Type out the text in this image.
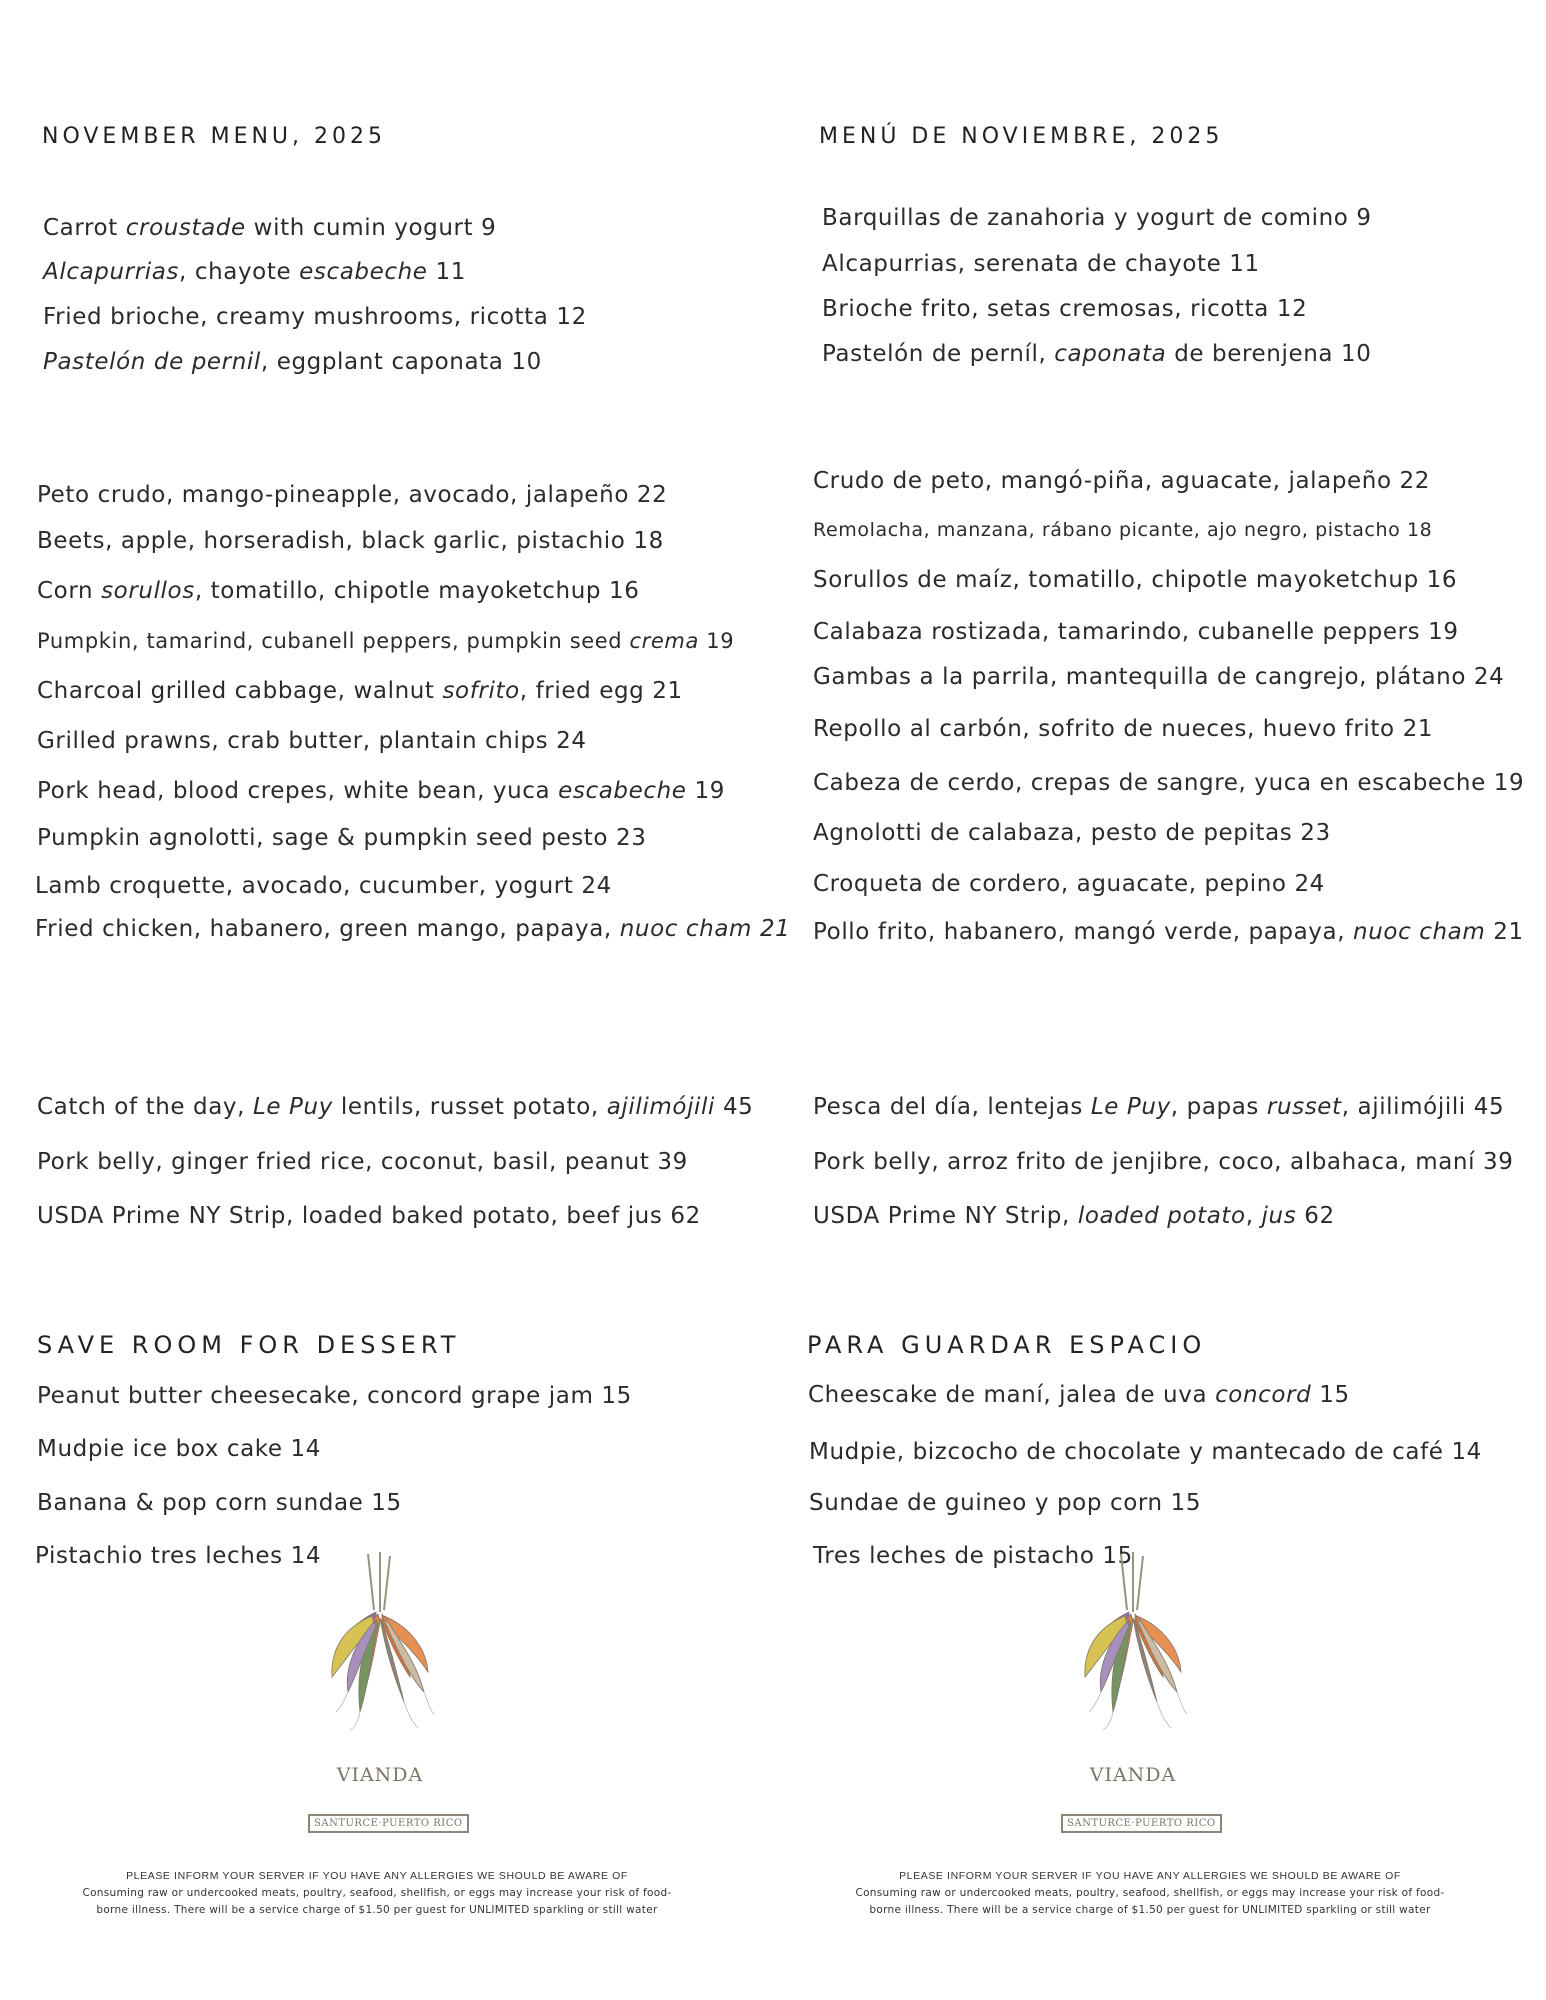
NOVEMBER MENU, 2025
Carrot croustade with cumin yogurt 9
Alcapurrias, chayote escabeche 11
Fried brioche, creamy mushrooms, ricotta 12
Pastelón de pernil, eggplant caponata 10
Peto crudo, mango-pineapple, avocado, jalapeño 22
Beets, apple, horseradish, black garlic, pistachio 18
Corn sorullos, tomatillo, chipotle mayoketchup 16
Pumpkin, tamarind, cubanell peppers, pumpkin seed crema 19
Charcoal grilled cabbage, walnut sofrito, fried egg 21
Grilled prawns, crab butter, plantain chips 24
Pork head, blood crepes, white bean, yuca escabeche 19
Pumpkin agnolotti, sage & pumpkin seed pesto 23
Lamb croquette, avocado, cucumber, yogurt 24
Fried chicken, habanero, green mango, papaya, nuoc cham 21
Catch of the day, Le Puy lentils, russet potato, ajilimójili 45
Pork belly, ginger fried rice, coconut, basil, peanut 39
USDA Prime NY Strip, loaded baked potato, beef jus 62
SAVE ROOM FOR DESSERT
Peanut butter cheesecake, concord grape jam 15
Mudpie ice box cake 14
Banana & pop corn sundae 15
Pistachio tres leches 14
VIANDA
SANTURCE·PUERTO RICO
PLEASE INFORM YOUR SERVER IF YOU HAVE ANY ALLERGIES WE SHOULD BE AWARE OF
Consuming raw or undercooked meats, poultry, seafood, shellfish, or eggs may increase your risk of food-
borne illness. There will be a service charge of $1.50 per guest for UNLIMITED sparkling or still water
MENÚ DE NOVIEMBRE, 2025
Barquillas de zanahoria y yogurt de comino 9
Alcapurrias, serenata de chayote 11
Brioche frito, setas cremosas, ricotta 12
Pastelón de perníl, caponata de berenjena 10
Crudo de peto, mangó-piña, aguacate, jalapeño 22
Remolacha, manzana, rábano picante, ajo negro, pistacho 18
Sorullos de maíz, tomatillo, chipotle mayoketchup 16
Calabaza rostizada, tamarindo, cubanelle peppers 19
Gambas a la parrila, mantequilla de cangrejo, plátano 24
Repollo al carbón, sofrito de nueces, huevo frito 21
Cabeza de cerdo, crepas de sangre, yuca en escabeche 19
Agnolotti de calabaza, pesto de pepitas 23
Croqueta de cordero, aguacate, pepino 24
Pollo frito, habanero, mangó verde, papaya, nuoc cham 21
Pesca del día, lentejas Le Puy, papas russet, ajilimójili 45
Pork belly, arroz frito de jenjibre, coco, albahaca, maní 39
USDA Prime NY Strip, loaded potato, jus 62
PARA GUARDAR ESPACIO
Cheescake de maní, jalea de uva concord 15
Mudpie, bizcocho de chocolate y mantecado de café 14
Sundae de guineo y pop corn 15
Tres leches de pistacho 15
VIANDA
SANTURCE·PUERTO RICO
PLEASE INFORM YOUR SERVER IF YOU HAVE ANY ALLERGIES WE SHOULD BE AWARE OF
Consuming raw or undercooked meats, poultry, seafood, shellfish, or eggs may increase your risk of food-
borne illness. There will be a service charge of $1.50 per guest for UNLIMITED sparkling or still water
